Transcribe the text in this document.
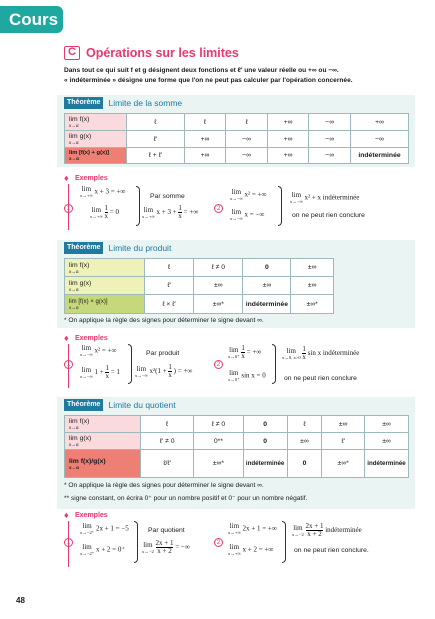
Cours
C Opérations sur les limites
Dans tout ce qui suit f et g désignent deux fonctions et ℓ′ une valeur réelle ou +∞ ou −∞.
« indéterminée » désigne une forme que l'on ne peut pas calculer par l'opération concernée.
Théorème Limite de la somme
lim f(x)
x→α	ℓ	ℓ	ℓ	+∞	−∞	+∞
lim g(x)
x→α	ℓ′	+∞	−∞	+∞	−∞	−∞
lim [f(x) + g(x)]
x→α	ℓ + ℓ′	+∞	−∞	+∞	−∞	indéterminée
♦ Exemples
1
lim
x→+∞ x + 3 = +∞
lim
x→+∞
$\frac{1}{x} = 0$
Par somme
lim
x→+∞ $x + 3 + \frac{1}{x}$ = +∞	2
lim
x→−∞ x² = +∞
lim
x→−∞ x = −∞
lim
x→−∞ x² + x indéterminée
on ne peut rien conclure
Théorème Limite du produit
lim f(x)
x→α	ℓ	ℓ ≠ 0	0	±∞
lim g(x)
x→α	ℓ′	±∞	±∞	±∞
lim [f(x) × g(x)]
x→α	ℓ × ℓ′	±∞*	indéterminée	±∞*
* On applique la règle des signes pour déterminer le signe devant ∞.
♦ Exemples
1
lim
x→−∞ x² = +∞
lim
x→−∞ $1 + \frac{1}{x} = 1$
Par produit
lim
x→−∞ $x^2(1 + \frac{1}{x}$ ) = +∞
2
lim
x→0⁺
$\frac{1}{x}$ = +∞
lim
x→0⁺ sin x = 0
lim
x→0, x>0
$\frac{1}{x}$ sin x indéterminée
on ne peut rien conclure
Théorème Limite du quotient
lim f(x)
x→α	ℓ	ℓ ≠ 0	0	ℓ	±∞	±∞
lim g(x)
x→α	ℓ′ ≠ 0	0**	0	±∞	ℓ′	±∞
lim f(x)/g(x)
x→α	ℓ/ℓ′	±∞*	indéterminée	0	±∞*	indéterminée
* On applique la règle des signes pour déterminer le signe devant ∞.
** signe constant, on écrira 0⁺ pour un nombre positif et 0⁻ pour un nombre négatif.
♦ Exemples
1
lim
x→−2⁺ 2x + 1 = −5
lim
x→−2⁺ x + 2 = 0⁺
Par quotient
lim
x→−2
$\frac{2x + 1}{x + 2}$ = −∞
2
lim
x→+∞ 2x + 1 = +∞
lim
x→+∞ x + 2 = +∞
lim
x→−2
$\frac{2x + 1}{x + 2}$ indéterminée
on ne peut rien conclure.
48
